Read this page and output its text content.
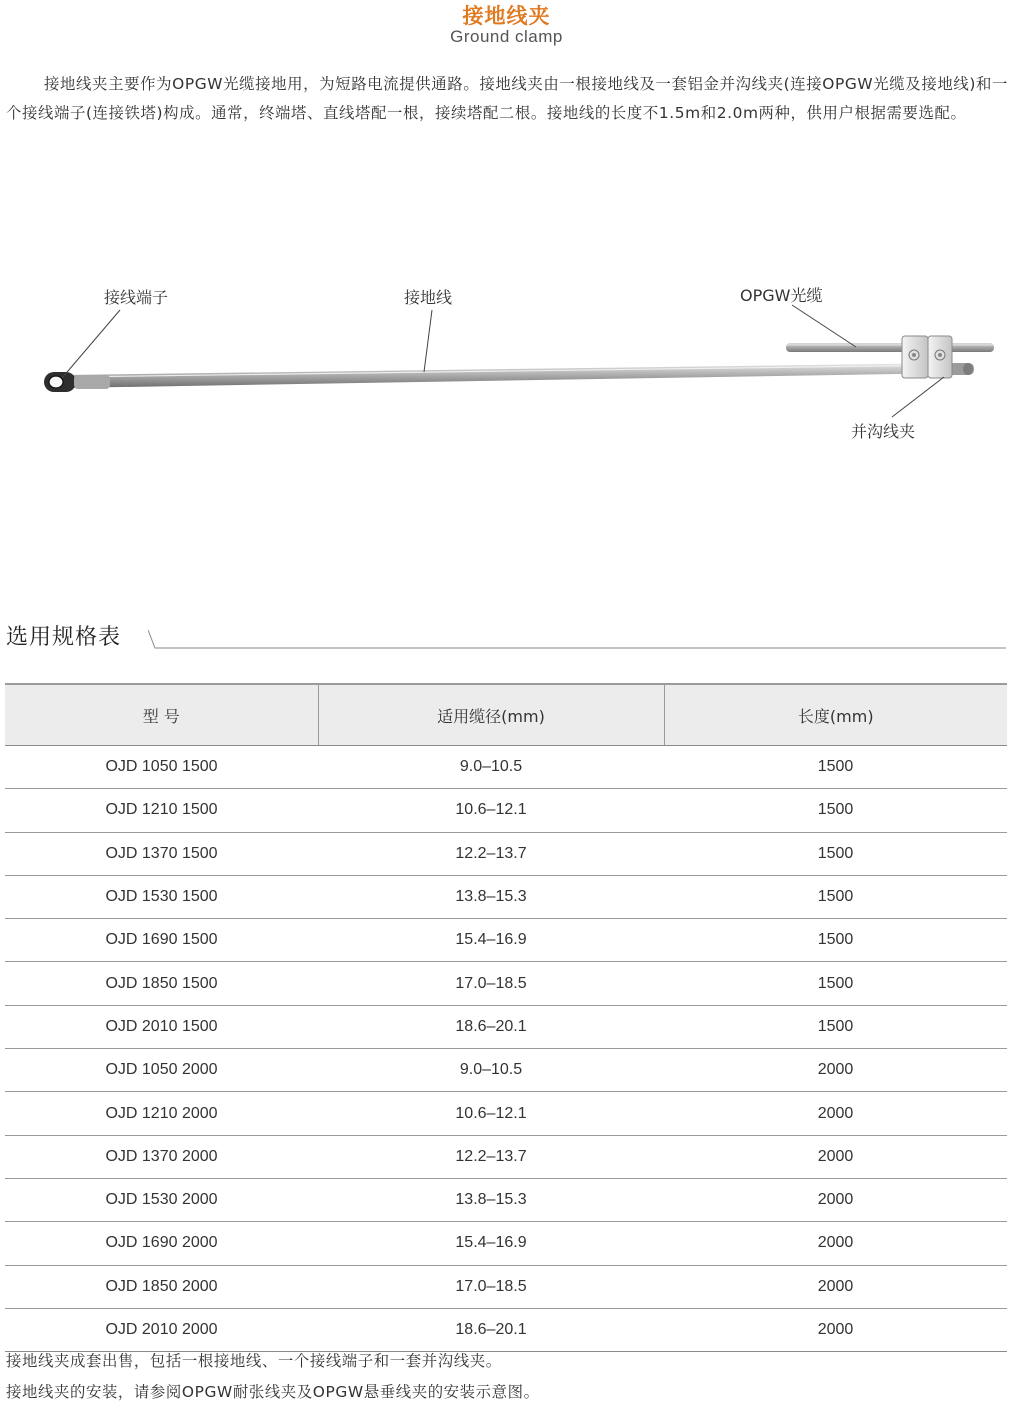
接地线夹
Ground clamp
接地线夹主要作为OPGW光缆接地用，为短路电流提供通路。接地线夹由一根接地线及一套铝金并沟线夹(连接OPGW光缆及接地线)和一个接线端子(连接铁塔)构成。通常，终端塔、直线塔配一根，接续塔配二根。接地线的长度不1.5m和2.0m两种，供用户根据需要选配。
接线端子	接地线	OPGW光缆
并沟线夹
选用规格表
型 号	适用缆径(mm)	长度(mm)
OJD 1050 1500	9.0–10.5	1500
OJD 1210 1500	10.6–12.1	1500
OJD 1370 1500	12.2–13.7	1500
OJD 1530 1500	13.8–15.3	1500
OJD 1690 1500	15.4–16.9	1500
OJD 1850 1500	17.0–18.5	1500
OJD 2010 1500	18.6–20.1	1500
OJD 1050 2000	9.0–10.5	2000
OJD 1210 2000	10.6–12.1	2000
OJD 1370 2000	12.2–13.7	2000
OJD 1530 2000	13.8–15.3	2000
OJD 1690 2000	15.4–16.9	2000
OJD 1850 2000	17.0–18.5	2000
OJD 2010 2000	18.6–20.1	2000
接地线夹成套出售，包括一根接地线、一个接线端子和一套并沟线夹。
接地线夹的安装，请参阅OPGW耐张线夹及OPGW悬垂线夹的安装示意图。
